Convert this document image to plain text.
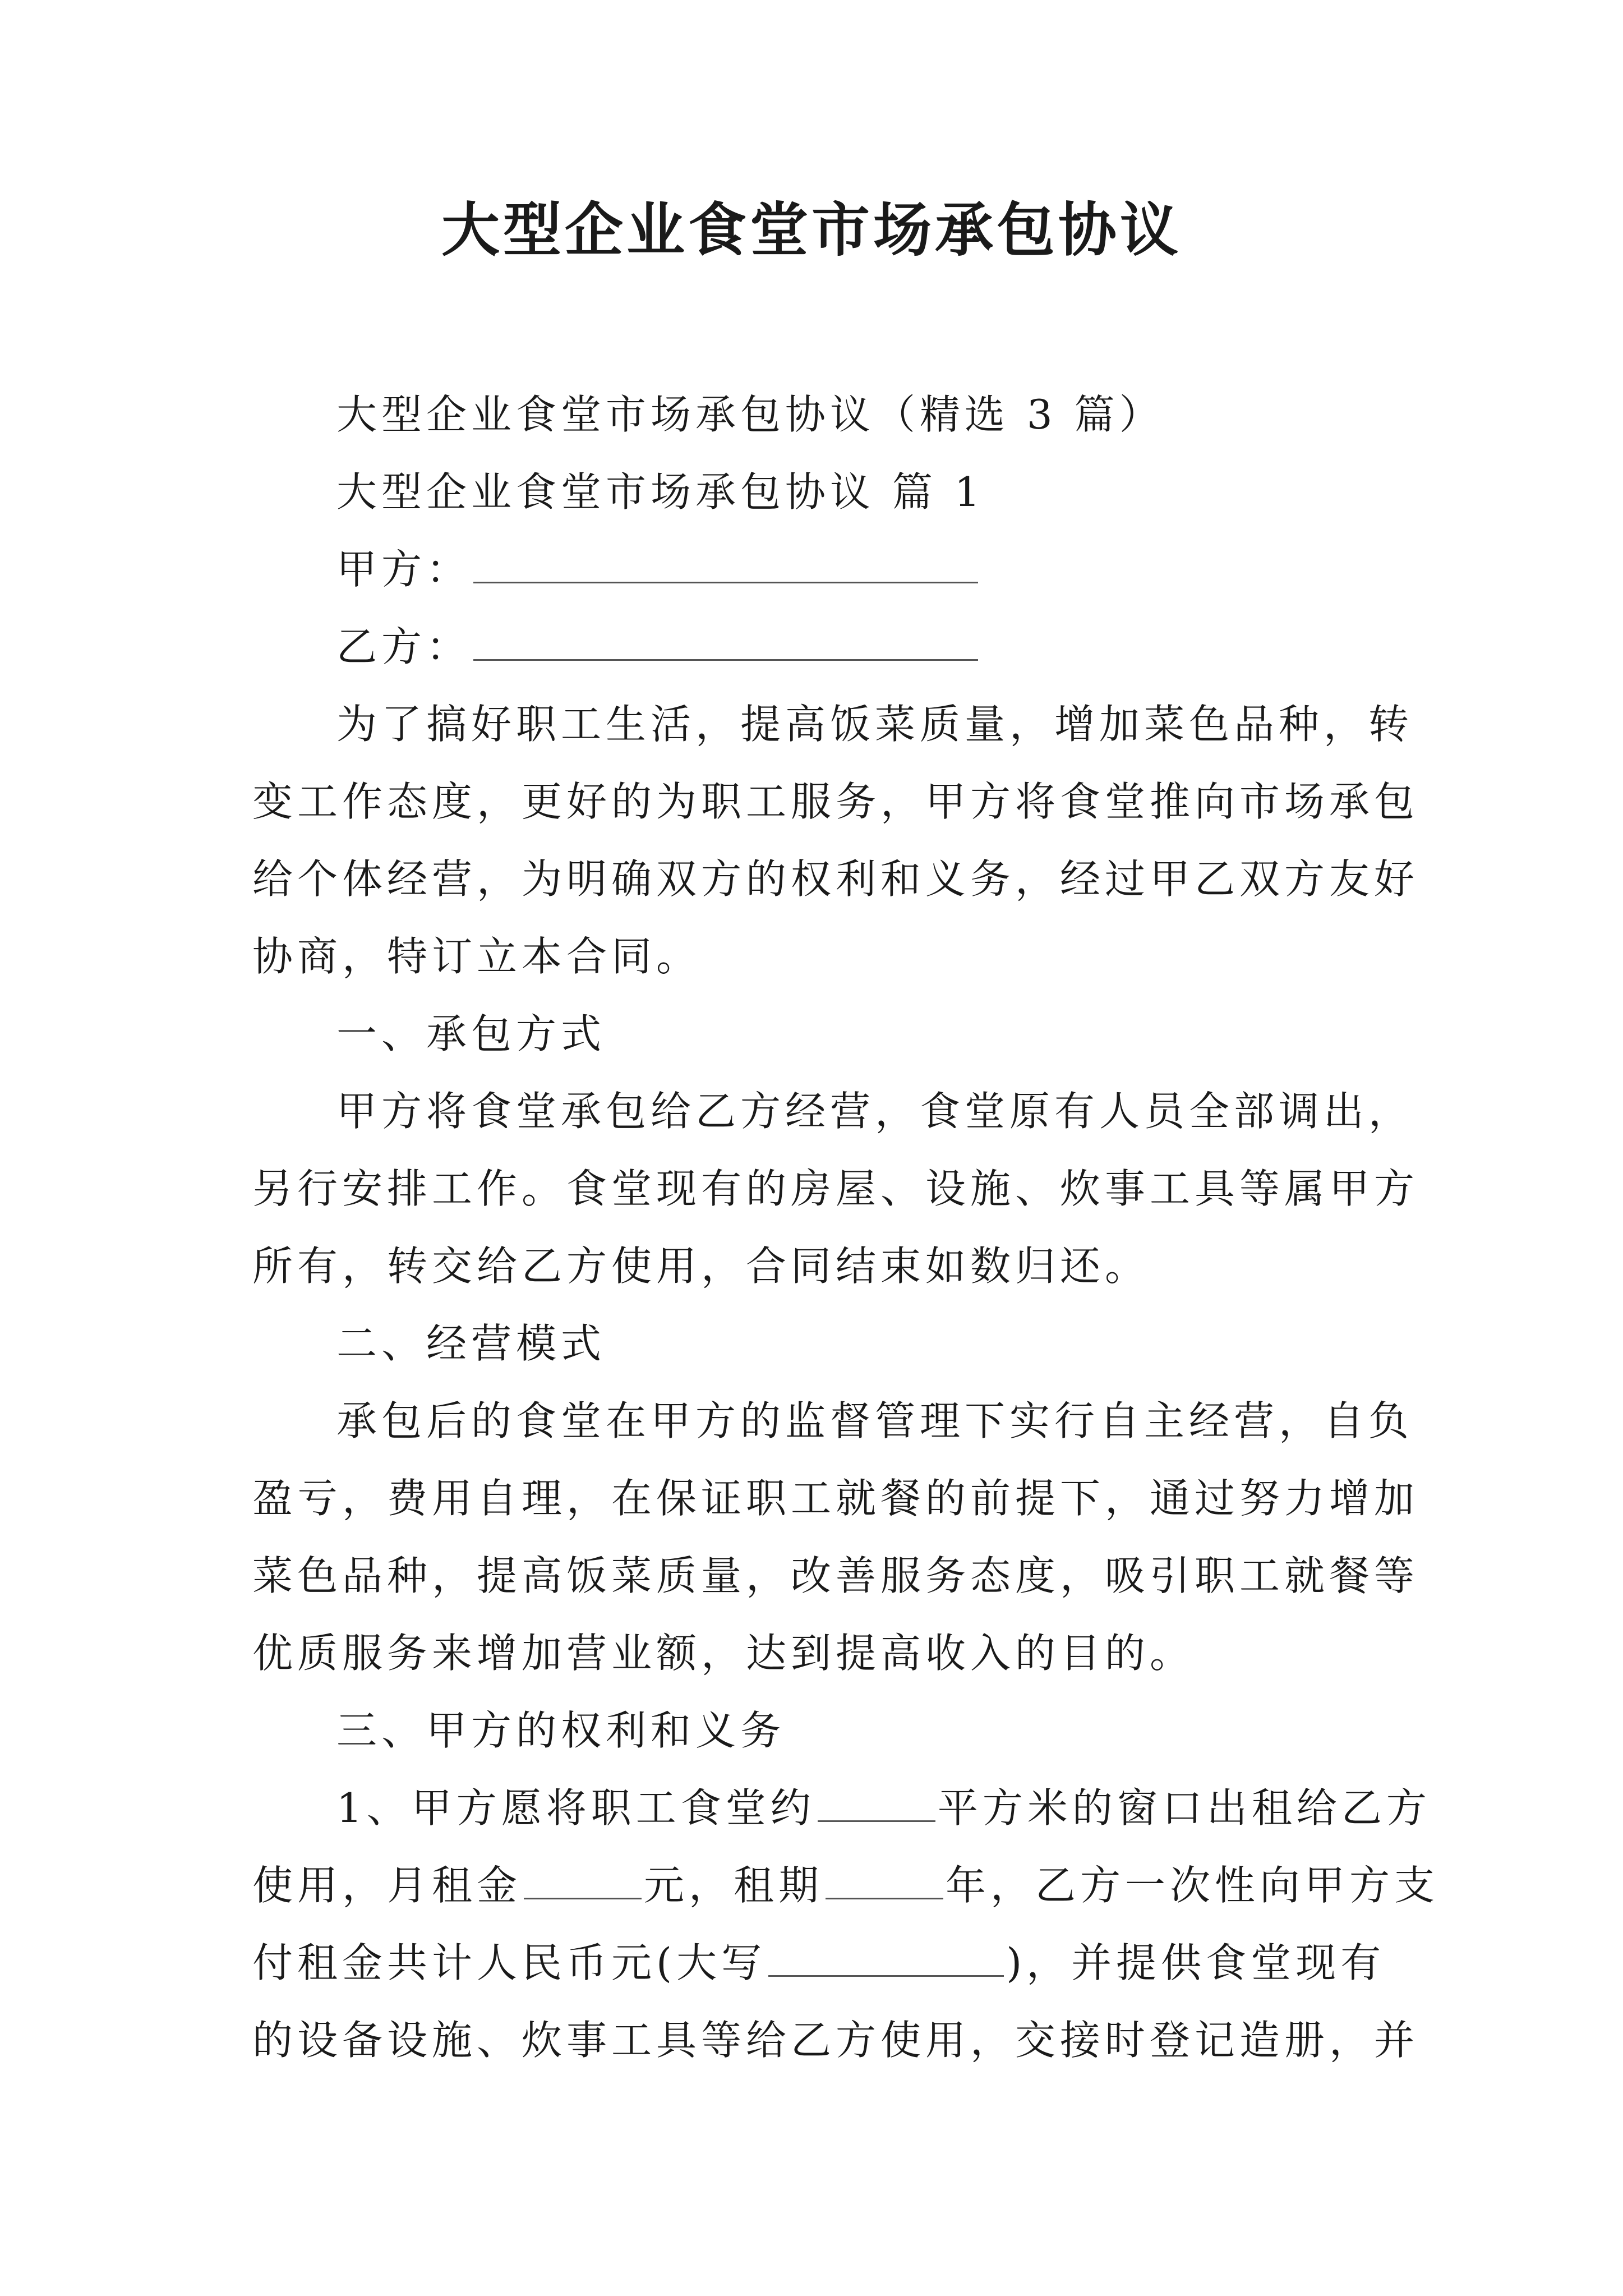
大型企业食堂市场承包协议
大型企业食堂市场承包协议（精选 3 篇）
大型企业食堂市场承包协议 篇 1
甲方：
乙方：
为了搞好职工生活，提高饭菜质量，增加菜色品种，转
变工作态度，更好的为职工服务，甲方将食堂推向市场承包
给个体经营，为明确双方的权利和义务，经过甲乙双方友好
协商，特订立本合同。
一、承包方式
甲方将食堂承包给乙方经营，食堂原有人员全部调出，
另行安排工作。食堂现有的房屋、设施、炊事工具等属甲方
所有，转交给乙方使用，合同结束如数归还。
二、经营模式
承包后的食堂在甲方的监督管理下实行自主经营，自负
盈亏，费用自理，在保证职工就餐的前提下，通过努力增加
菜色品种，提高饭菜质量，改善服务态度，吸引职工就餐等
优质服务来增加营业额，达到提高收入的目的。
三、甲方的权利和义务
1、甲方愿将职工食堂约	平方米的窗口出租给乙方
使用，月租金	元，租期	年，乙方一次性向甲方支
付租金共计人民币元(大写	)，并提供食堂现有
的设备设施、炊事工具等给乙方使用，交接时登记造册，并
